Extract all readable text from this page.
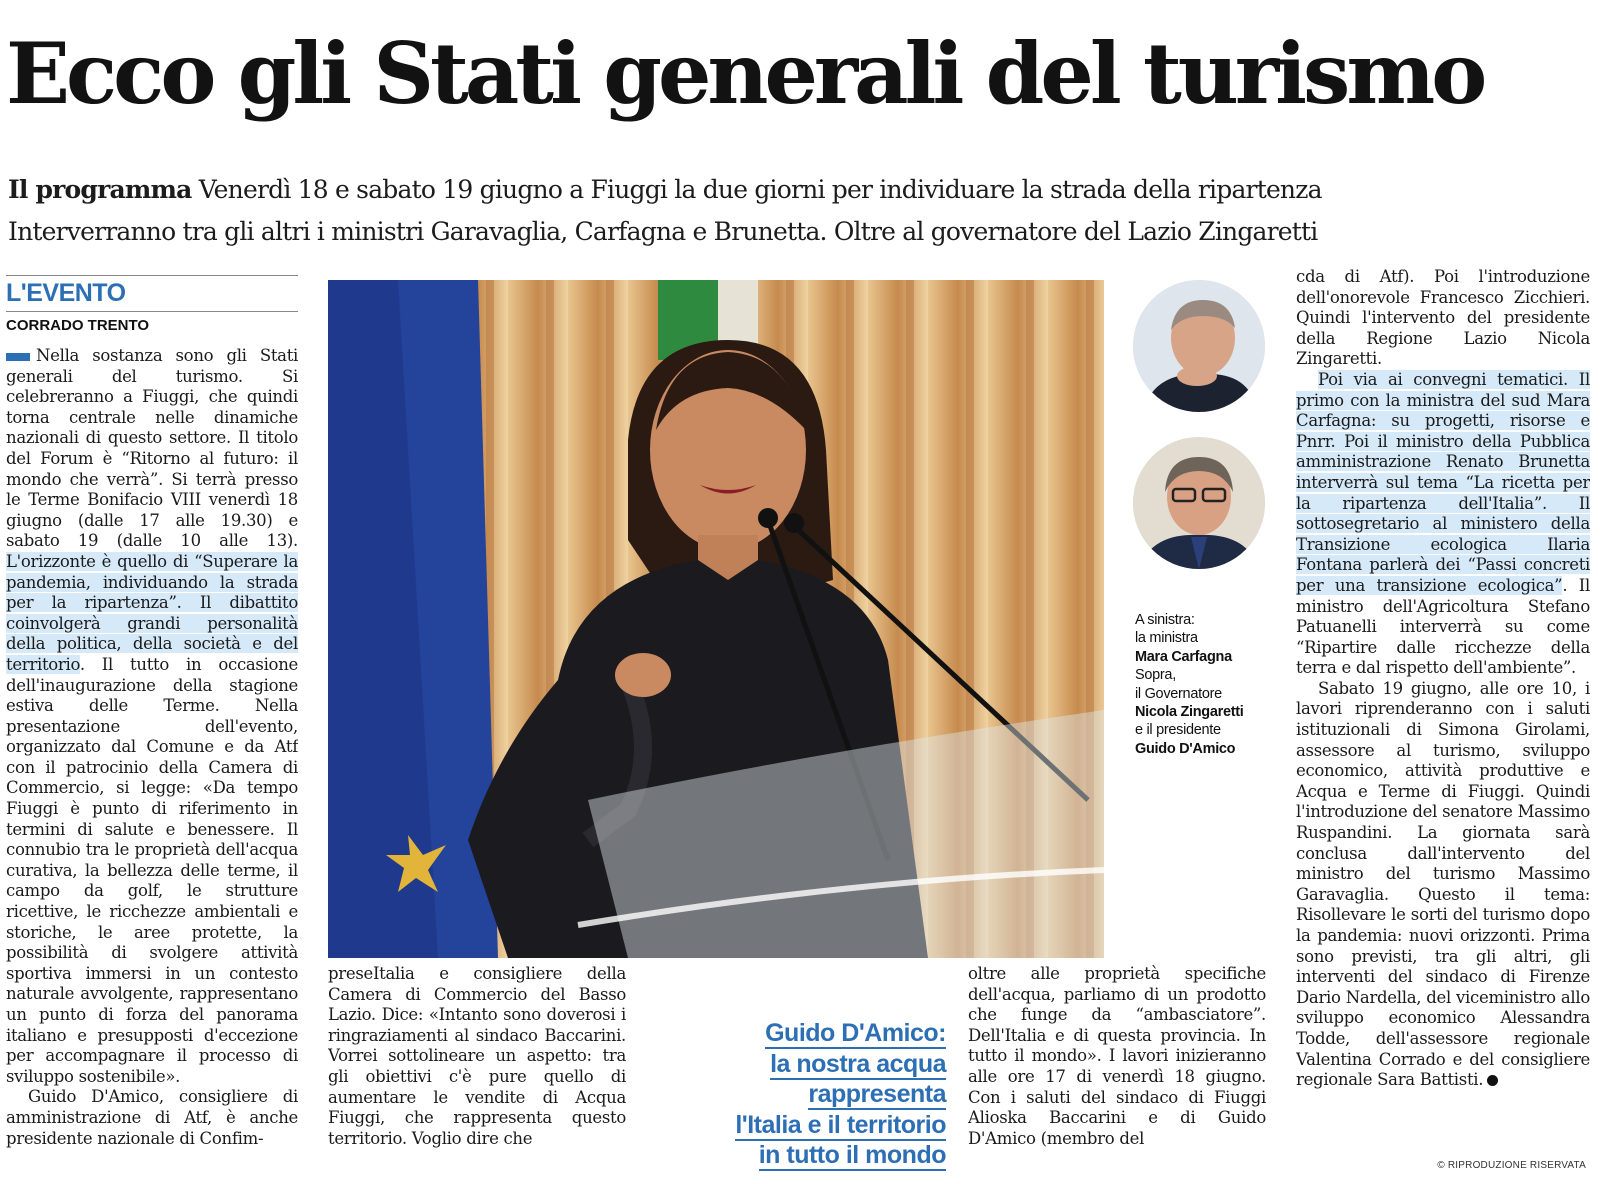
Ecco gli Stati generali del turismo
Il programma Venerdì 18 e sabato 19 giugno a Fiuggi la due giorni per individuare la strada della ripartenza
Interverranno tra gli altri i ministri Garavaglia, Carfagna e Brunetta. Oltre al governatore del Lazio Zingaretti
L'EVENTO
CORRADO TRENTO

Nella sostanza sono gli Stati generali del turismo. Si celebreranno a Fiuggi, che quindi torna centrale nelle dinamiche nazionali di questo settore. Il titolo del Forum è “Ritorno al futuro: il mondo che verrà”. Si terrà presso le Terme Bonifacio VIII venerdì 18 giugno (dalle 17 alle 19.30) e sabato 19 (dalle 10 alle 13). L'orizzonte è quello di “Superare la pandemia, individuando la strada per la ripartenza”. Il dibattito coinvolgerà grandi personalità della politica, della società e del territorio. Il tutto in occasione dell'inaugurazione della stagione estiva delle Terme. Nella presentazione dell'evento, organizzato dal Comune e da Atf con il patrocinio della Camera di Commercio, si legge: «Da tempo Fiuggi è punto di riferimento in termini di salute e benessere. Il connubio tra le proprietà dell'acqua curativa, la bellezza delle terme, il campo da golf, le strutture ricettive, le ricchezze ambientali e storiche, le aree protette, la possibilità di svolgere attività sportiva immersi in un contesto naturale avvolgente, rappresentano un punto di forza del panorama italiano e presupposti d'eccezione per accompagnare il processo di sviluppo sostenibile».

Guido D'Amico, consigliere di amministrazione di Atf, è anche presidente nazionale di Confim-

A sinistra:
la ministra
Mara Carfagna
Sopra,
il Governatore
Nicola Zingaretti
e il presidente
Guido D'Amico

preseItalia e consigliere della Camera di Commercio del Basso Lazio. Dice: «Intanto sono doverosi i ringraziamenti al sindaco Baccarini. Vorrei sottolineare un aspetto: tra gli obiettivi c'è pure quello di aumentare le vendite di Acqua Fiuggi, che rappresenta questo territorio. Voglio dire che

Guido D'Amico:
la nostra acqua
rappresenta
l'Italia e il territorio
in tutto il mondo

oltre alle proprietà specifiche dell'acqua, parliamo di un prodotto che funge da “ambasciatore”. Dell'Italia e di questa provincia. In tutto il mondo». I lavori inizieranno alle ore 17 di venerdì 18 giugno. Con i saluti del sindaco di Fiuggi Alioska Baccarini e di Guido D'Amico (membro del

cda di Atf). Poi l'introduzione dell'onorevole Francesco Zicchieri. Quindi l'intervento del presidente della Regione Lazio Nicola Zingaretti.

Poi via ai convegni tematici. Il primo con la ministra del sud Mara Carfagna: su progetti, risorse e Pnrr. Poi il ministro della Pubblica amministrazione Renato Brunetta interverrà sul tema “La ricetta per la ripartenza dell'Italia”. Il sottosegretario al ministero della Transizione ecologica Ilaria Fontana parlerà dei “Passi concreti per una transizione ecologica”. Il ministro dell'Agricoltura Stefano Patuanelli interverrà su come “Ripartire dalle ricchezze della terra e dal rispetto dell'ambiente”.

Sabato 19 giugno, alle ore 10, i lavori riprenderanno con i saluti istituzionali di Simona Girolami, assessore al turismo, sviluppo economico, attività produttive e Acqua e Terme di Fiuggi. Quindi l'introduzione del senatore Massimo Ruspandini. La giornata sarà conclusa dall'intervento del ministro del turismo Massimo Garavaglia. Questo il tema: Risollevare le sorti del turismo dopo la pandemia: nuovi orizzonti. Prima sono previsti, tra gli altri, gli interventi del sindaco di Firenze Dario Nardella, del viceministro allo sviluppo economico Alessandra Todde, dell'assessore regionale Valentina Corrado e del consigliere regionale Sara Battisti.

© RIPRODUZIONE RISERVATA
